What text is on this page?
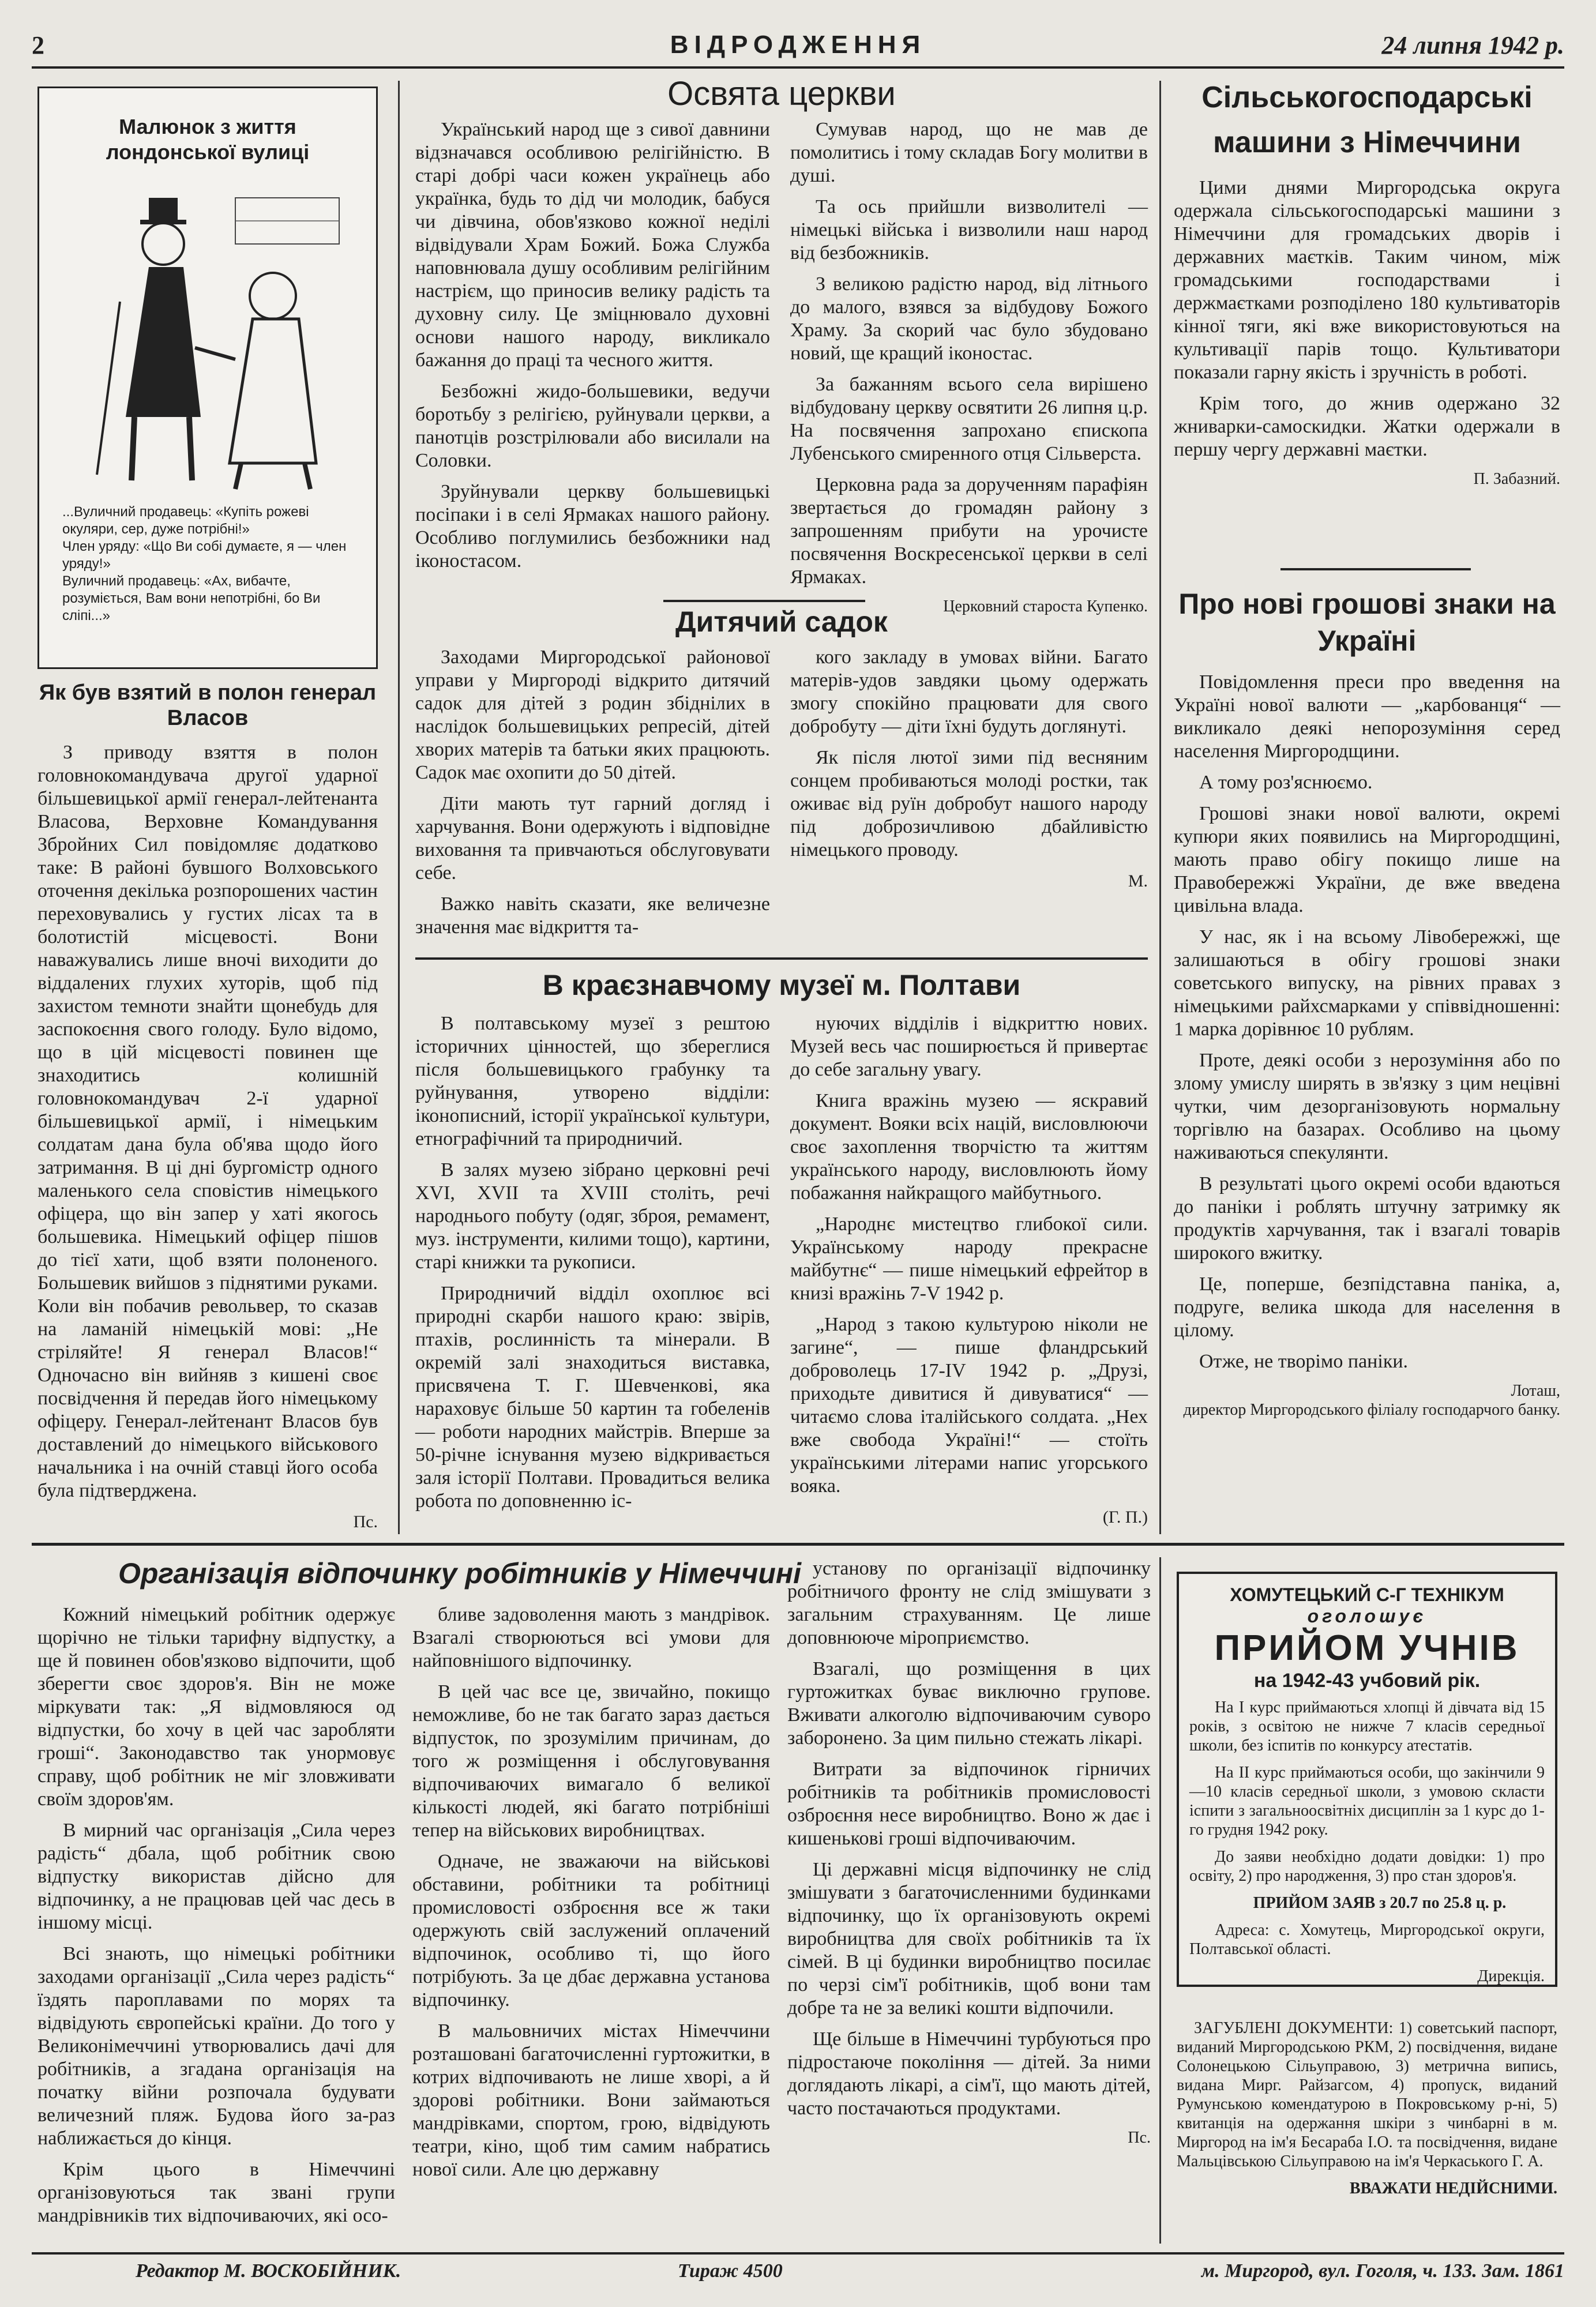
2	ВІДРОДЖЕННЯ	24 липня 1942 р.
Малюнок з життя лондонської вулиці
...Вуличний продавець: «Купіть рожеві окуляри, сер, дуже потрібні!»
Член уряду: «Що Ви собі думаєте, я — член уряду!»
Вуличний продавець: «Ах, вибачте, розуміється, Вам вони непотрібні, бо Ви сліпі...»
Як був взятий в полон генерал Власов

З приводу взяття в полон головнокомандувача другої ударної більшевицької армії генерал-лейтенанта Власова, Верховне Командування Збройних Сил повідомляє додатково таке: В районі бувшого Волховського оточення декілька розпорошених частин переховувались у густих лісах та в болотистій місцевості. Вони наважувались лише вночі виходити до віддалених глухих хуторів, щоб під захистом темноти знайти щонебудь для заспокоєння свого голоду. Було відомо, що в цій місцевості повинен ще знаходитись колишній головнокомандувач 2-ї ударної більшевицької армії, і німецьким солдатам дана була об'ява щодо його затримання. В ці дні бургомістр одного маленького села сповістив німецького офіцера, що він запер у хаті якогось большевика. Німецький офіцер пішов до тієї хати, щоб взяти полоненого. Большевик вийшов з піднятими руками. Коли він побачив револьвер, то сказав на ламаній німецькій мові: „Не стріляйте! Я генерал Власов!“ Одночасно він вийняв з кишені своє посвідчення й передав його німецькому офіцеру. Генерал-лейтенант Власов був доставлений до німецького військового начальника і на очній ставці його особа була підтверджена.

Пс.

Освята церкви

Український народ ще з сивої давнини відзначався особливою релігійністю. В старі добрі часи кожен українець або українка, будь то дід чи молодик, бабуся чи дівчина, обов'язково кожної неділі відвідували Храм Божий. Божа Служба наповнювала душу особливим релігійним настрієм, що приносив велику радість та духовну силу. Це зміцнювало духовні основи нашого народу, викликало бажання до праці та чесного життя.

Безбожні жидо-большевики, ведучи боротьбу з релігією, руйнували церкви, а панотців розстрілювали або висилали на Соловки.

Зруйнували церкву большевицькі посіпаки і в селі Ярмаках нашого району. Особливо поглумились безбожники над іконостасом.

Сумував народ, що не мав де помолитись і тому складав Богу молитви в душі.

Та ось прийшли визволителі — німецькі війська і визволили наш народ від безбожників.

З великою радістю народ, від літнього до малого, взявся за відбудову Божого Храму. За скорий час було збудовано новий, ще кращий іконостас.

За бажанням всього села вирішено відбудовану церкву освятити 26 липня ц.р. На посвячення запрохано єпископа Лубенського смиренного отця Сільверста.

Церковна рада за дорученням парафіян звертається до громадян району з запрошенням прибути на урочисте посвячення Воскресенської церкви в селі Ярмаках.

Церковний староста Купенко.

Дитячий садок

Заходами Миргородської районової управи у Миргороді відкрито дитячий садок для дітей з родин збіднілих в наслідок большевицьких репресій, дітей хворих матерів та батьки яких працюють. Садок має охопити до 50 дітей.

Діти мають тут гарний догляд і харчування. Вони одержують і відповідне виховання та привчаються обслуговувати себе.

Важко навіть сказати, яке величезне значення має відкриття та-

кого закладу в умовах війни. Багато матерів-удов завдяки цьому одержать змогу спокійно працювати для свого добробуту — діти їхні будуть доглянуті.

Як після лютої зими під весняним сонцем пробиваються молоді ростки, так оживає від руїн добробут нашого народу під доброзичливою дбайливістю німецького проводу.

М.

В краєзнавчому музеї м. Полтави

В полтавському музеї з рештою історичних цінностей, що збереглися після большевицького грабунку та руйнування, утворено відділи: іконописний, історії української культури, етнографічний та природничий.

В залях музею зібрано церковні речі XVI, XVII та XVIII століть, речі народнього побуту (одяг, зброя, ремамент, муз. інструменти, килими тощо), картини, старі книжки та рукописи.

Природничий відділ охоплює всі природні скарби нашого краю: звірів, птахів, рослинність та мінерали. В окремій залі знаходиться виставка, присвячена Т. Г. Шевченкові, яка нараховує більше 50 картин та гобеленів — роботи народних майстрів. Вперше за 50-річне існування музею відкривається заля історії Полтави. Провадиться велика робота по доповненню іс-

нуючих відділів і відкриттю нових. Музей весь час поширюється й привертає до себе загальну увагу.

Книга вражінь музею — яскравий документ. Вояки всіх націй, висловлюючи своє захоплення творчістю та життям українського народу, висловлюють йому побажання найкращого майбутнього.

„Народнє мистецтво глибокої сили. Українському народу прекрасне майбутнє“ — пише німецький ефрейтор в книзі вражінь 7-V 1942 р.

„Народ з такою культурою ніколи не загине“, — пише фландрський доброволець 17-IV 1942 р. „Друзі, приходьте дивитися й дивуватися“ — читаємо слова італійського солдата. „Нех вже свобода Україні!“ — стоїть українськими літерами напис угорського вояка.

(Г. П.)

Сільськогосподарські машини з Німеччини

Цими днями Миргородська округа одержала сільськогосподарські машини з Німеччини для громадських дворів і державних маєтків. Таким чином, між громадськими господарствами і держмаєтками розподілено 180 культиваторів кінної тяги, які вже використовуються на культивації парів тощо. Культиватори показали гарну якість і зручність в роботі.

Крім того, до жнив одержано 32 жниварки-самоскидки. Жатки одержали в першу чергу державні маєтки.

П. Забазний.

Про нові грошові знаки на Україні

Повідомлення преси про введення на Україні нової валюти — „карбованця“ — викликало деякі непорозуміння серед населення Миргородщини.

А тому роз'яснюємо.

Грошові знаки нової валюти, окремі купюри яких появились на Миргородщині, мають право обігу покищо лише на Правобережжі України, де вже введена цивільна влада.

У нас, як і на всьому Лівобережжі, ще залишаються в обігу грошові знаки советського випуску, на рівних правах з німецькими райхсмарками у співвідношенні: 1 марка дорівнює 10 рублям.

Проте, деякі особи з нерозуміння або по злому умислу ширять в зв'язку з цим нецівні чутки, чим дезорганізовують нормальну торгівлю на базарах. Особливо на цьому наживаються спекулянти.

В результаті цього окремі особи вдаються до паніки і роблять штучну затримку як продуктів харчування, так і взагалі товарів широкого вжитку.

Це, поперше, безпідставна паніка, а, подруге, велика шкода для населення в цілому.

Отже, не творімо паніки.

Лоташ,

директор Миргородського філіалу господарчого банку.

Організація відпочинку робітників у Німеччині

Кожний німецький робітник одержує щорічно не тільки тарифну відпустку, а ще й повинен обов'язково відпочити, щоб зберегти своє здоров'я. Він не може міркувати так: „Я відмовляюся од відпустки, бо хочу в цей час заробляти гроші“. Законодавство так унормовує справу, щоб робітник не міг зловживати своїм здоров'ям.

В мирний час організація „Сила через радість“ дбала, щоб робітник свою відпустку використав дійсно для відпочинку, а не працював цей час десь в іншому місці.

Всі знають, що німецькі робітники заходами організації „Сила через радість“ їздять пароплавами по морях та відвідують європейські країни. До того у Великонімеччині утворювались дачі для робітників, а згадана організація на початку війни розпочала будувати величезний пляж. Будова його за-раз наближається до кінця.

Крім цього в Німеччині організовуються так звані групи мандрівників тих відпочиваючих, які осо-

бливе задоволення мають з мандрівок. Взагалі створюються всі умови для найповнішого відпочинку.

В цей час все це, звичайно, покищо неможливе, бо не так багато зараз дається відпусток, по зрозумілим причинам, до того ж розміщення і обслуговування відпочиваючих вимагало б великої кількості людей, які багато потрібніші тепер на військових виробництвах.

Одначе, не зважаючи на військові обставини, робітники та робітниці промисловості озброєння все ж таки одержують свій заслужений оплачений відпочинок, особливо ті, що його потрібують. За це дбає державна установа відпочинку.

В мальовничих містах Німеччини розташовані багаточисленні гуртожитки, в котрих відпочивають не лише хворі, а й здорові робітники. Вони займаються мандрівками, спортом, грою, відвідують театри, кіно, щоб тим самим набратись нової сили. Але цю державну

установу по організації відпочинку робітничого фронту не слід змішувати з загальним страхуванням. Це лише доповнююче міроприємство.

Взагалі, що розміщення в цих гуртожитках буває виключно групове. Вживати алкоголю відпочиваючим суворо заборонено. За цим пильно стежать лікарі.

Витрати за відпочинок гірничих робітників та робітників промисловості озброєння несе виробництво. Воно ж дає і кишенькові гроші відпочиваючим.

Ці державні місця відпочинку не слід змішувати з багаточисленними будинками відпочинку, що їх організовують окремі виробництва для своїх робітників та їх сімей. В ці будинки виробництво посилає по черзі сім'ї робітників, щоб вони там добре та не за великі кошти відпочили.

Ще більше в Німеччині турбуються про підростаюче покоління — дітей. За ними доглядають лікарі, а сім'ї, що мають дітей, часто постачаються продуктами.

Пс.

ХОМУТЕЦЬКИЙ С-Г ТЕХНІКУМ
оголошує
ПРИЙОМ УЧНІВ
на 1942-43 учбовий рік.

На І курс приймаються хлопці й дівчата від 15 років, з освітою не нижче 7 класів середньої школи, без іспитів по конкурсу атестатів.

На ІІ курс приймаються особи, що закінчили 9—10 класів середньої школи, з умовою скласти іспити з загальноосвітніх дисциплін за 1 курс до 1-го грудня 1942 року.

До заяви необхідно додати довідки: 1) про освіту, 2) про народження, 3) про стан здоров'я.

ПРИЙОМ ЗАЯВ з 20.7 по 25.8 ц. р.

Адреса: с. Хомутець, Миргородської округи, Полтавської області.

Дирекція.

ЗАГУБЛЕНІ ДОКУМЕНТИ: 1) советський паспорт, виданий Миргородською РКМ, 2) посвідчення, видане Солонецькою Сільуправою, 3) метрична випись, видана Мирг. Райзагсом, 4) пропуск, виданий Румунською комендатурою в Покровському р-ні, 5) квитанція на одержання шкіри з чинбарні в м. Миргород на ім'я Бесараба І.О. та посвідчення, видане Мальцівською Сільуправою на ім'я Черкаського Г. А.

ВВАЖАТИ НЕДІЙСНИМИ.

Редактор М. ВОСКОБІЙНИК.	Тираж 4500	м. Миргород, вул. Гоголя, ч. 133. Зам. 1861
